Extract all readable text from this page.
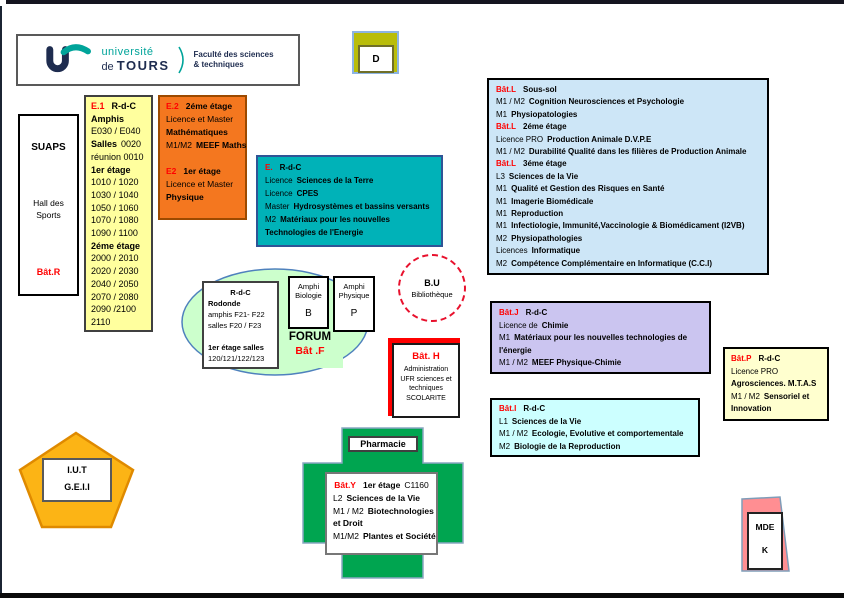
université
de TOURS
Faculté des sciences
& techniques	D
SUAPS
Hall des
Sports
Bât.R
E.1 R-d-C
Amphis
E030 / E040
Salles 0020
réunion 0010
1er étage
1010 / 1020
1030 / 1040
1050 / 1060
1070 / 1080
1090 / 1100
2éme étage
2000 / 2010
2020 / 2030
2040 / 2050
2070 / 2080
2090 /2100
2110
E.2 2éme étage
Licence et Master
Mathématiques
M1/M2 MEEF Maths

E2 1er étage
Licence et Master
Physique
E. R-d-C
Licence Sciences de la Terre
Licence CPES
Master Hydrosystèmes et bassins versants
M2 Matériaux pour les nouvelles
Technologies de l'Energie
Bât.L Sous-sol
M1 / M2 Cognition Neurosciences et Psychologie
M1 Physiopatologies
Bât.L 2éme étage
Licence PRO Production Animale D.V.P.E
M1 / M2 Durabilité Qualité dans les filières de Production Animale
Bât.L 3éme étage
L3 Sciences de la Vie
M1 Qualité et Gestion des Risques en Santé
M1 Imagerie Biomédicale
M1 Reproduction
M1 Infectiologie, Immunité,Vaccinologie & Biomédicament (I2VB)
M2 Physiopathologies
Licences Informatique
M2 Compétence Complémentaire en Informatique (C.C.I)
R-d-C
Rodonde
amphis F21- F22
salles F20 / F23

1er étage salles
120/121/122/123
Amphi
Biologie
B
Amphi
Physique
P
FORUM
Bât .F
B.U
Bibliothèque
Bât. H
Administration
UFR sciences et
techniques
SCOLARITE
Bât.J R-d-C
Licence de Chimie
M1 Matériaux pour les nouvelles technologies de
l'énergie
M1 / M2 MEEF Physique-Chimie	Bât.P R-d-C
Licence PRO
Agrosciences. M.T.A.S
M1 / M2 Sensoriel et
Innovation
Bât.I R-d-C
L1 Sciences de la Vie
M1 / M2 Ecologie, Evolutive et comportementale
M2 Biologie de la Reproduction
I.U.T
G.E.I.I
Pharmacie
Bât.Y 1er étage C1160
L2 Sciences de la Vie
M1 / M2 Biotechnologies
et Droit
M1/M2 Plantes et Société
MDE
K
